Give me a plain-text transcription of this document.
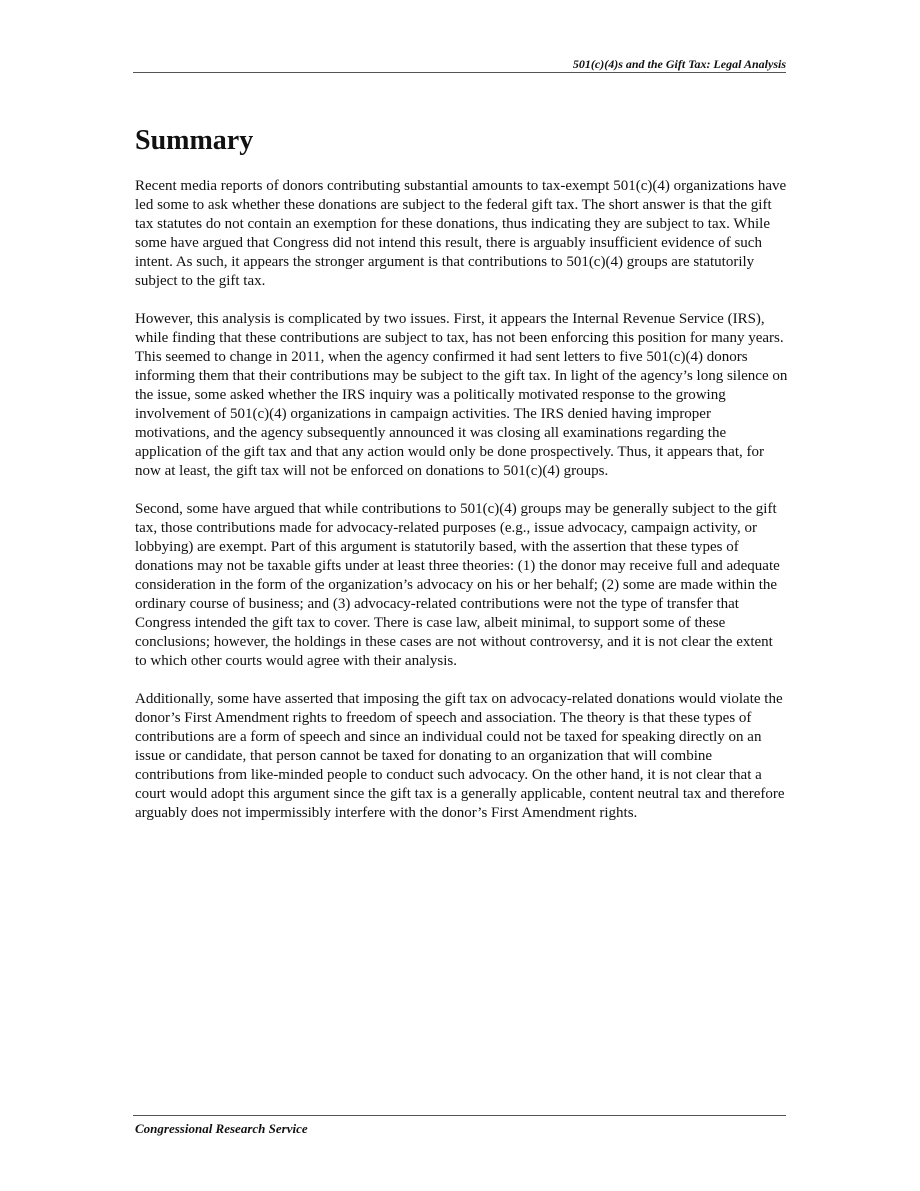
501(c)(4)s and the Gift Tax: Legal Analysis
Summary

Recent media reports of donors contributing substantial amounts to tax-exempt 501(c)(4) organizations have led some to ask whether these donations are subject to the federal gift tax. The short answer is that the gift tax statutes do not contain an exemption for these donations, thus indicating they are subject to tax. While some have argued that Congress did not intend this result, there is arguably insufficient evidence of such intent. As such, it appears the stronger argument is that contributions to 501(c)(4) groups are statutorily subject to the gift tax.

However, this analysis is complicated by two issues. First, it appears the Internal Revenue Service (IRS), while finding that these contributions are subject to tax, has not been enforcing this position for many years. This seemed to change in 2011, when the agency confirmed it had sent letters to five 501(c)(4) donors informing them that their contributions may be subject to the gift tax. In light of the agency’s long silence on the issue, some asked whether the IRS inquiry was a politically motivated response to the growing involvement of 501(c)(4) organizations in campaign activities. The IRS denied having improper motivations, and the agency subsequently announced it was closing all examinations regarding the application of the gift tax and that any action would only be done prospectively. Thus, it appears that, for now at least, the gift tax will not be enforced on donations to 501(c)(4) groups.

Second, some have argued that while contributions to 501(c)(4) groups may be generally subject to the gift tax, those contributions made for advocacy-related purposes (e.g., issue advocacy, campaign activity, or lobbying) are exempt. Part of this argument is statutorily based, with the assertion that these types of donations may not be taxable gifts under at least three theories: (1) the donor may receive full and adequate consideration in the form of the organization’s advocacy on his or her behalf; (2) some are made within the ordinary course of business; and (3) advocacy-related contributions were not the type of transfer that Congress intended the gift tax to cover. There is case law, albeit minimal, to support some of these conclusions; however, the holdings in these cases are not without controversy, and it is not clear the extent to which other courts would agree with their analysis.

Additionally, some have asserted that imposing the gift tax on advocacy-related donations would violate the donor’s First Amendment rights to freedom of speech and association. The theory is that these types of contributions are a form of speech and since an individual could not be taxed for speaking directly on an issue or candidate, that person cannot be taxed for donating to an organization that will combine contributions from like-minded people to conduct such advocacy. On the other hand, it is not clear that a court would adopt this argument since the gift tax is a generally applicable, content neutral tax and therefore arguably does not impermissibly interfere with the donor’s First Amendment rights.

Congressional Research Service
